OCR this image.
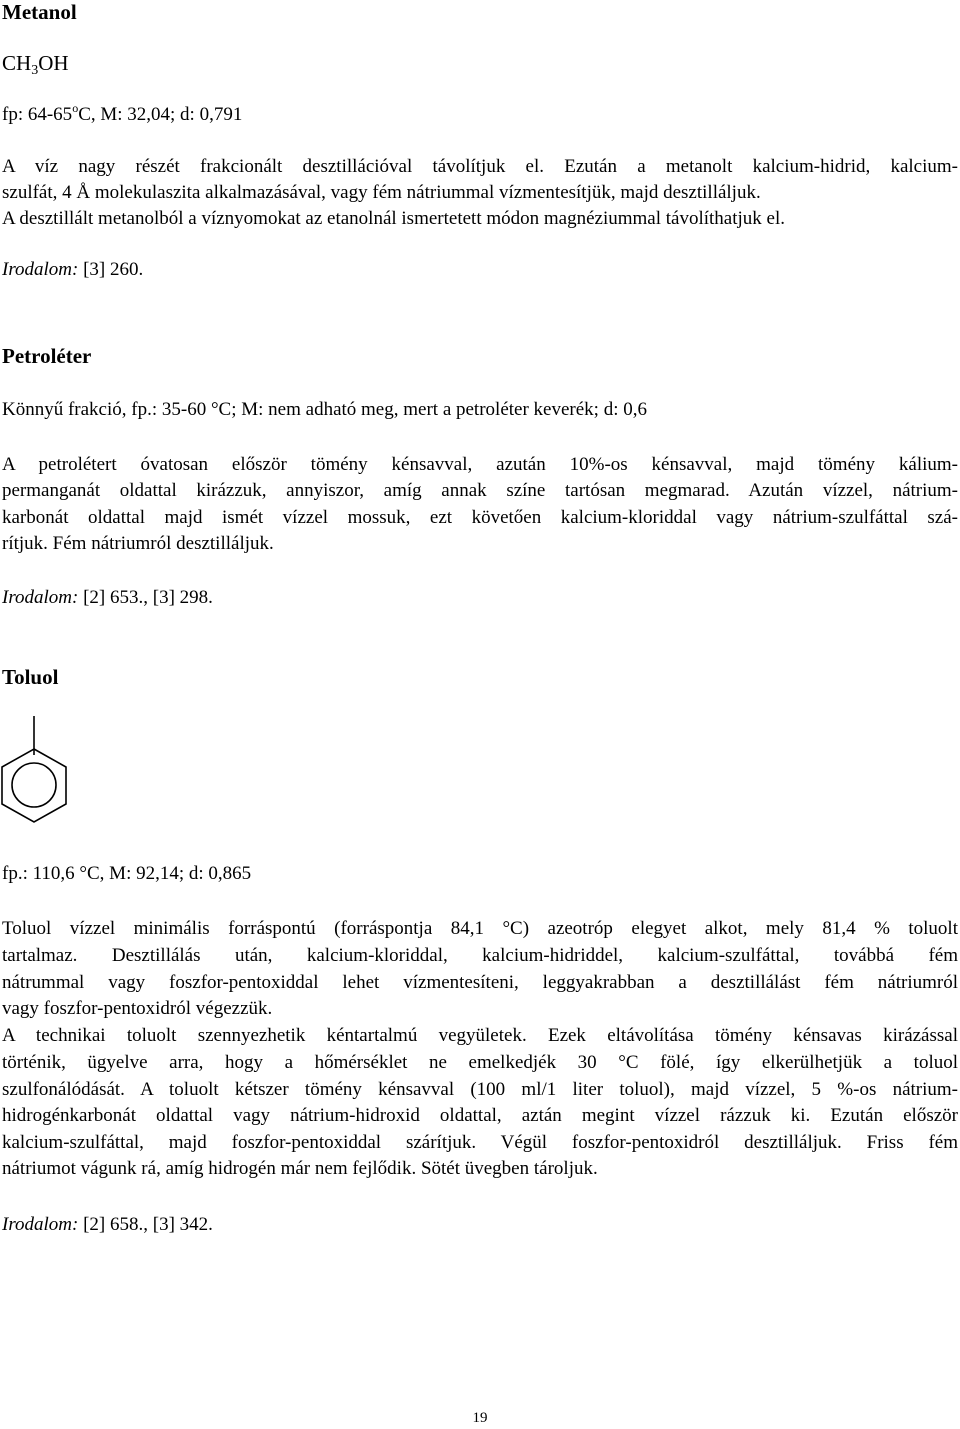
Metanol
CH3OH
fp: 64-65$^o$C, M: 32,04; d: 0,791
A víz nagy részét frakcionált desztillációval távolítjuk el. Ezután a metanolt kalcium-hidrid, kalcium-
szulfát, 4 Å molekulaszita alkalmazásával, vagy fém nátriummal vízmentesítjük, majd desztilláljuk.
A desztillált metanolból a víznyomokat az etanolnál ismertetett módon magnéziummal távolíthatjuk el.
Irodalom: [3] 260.
Petroléter
Könnyű frakció, fp.: 35-60 °C; M: nem adható meg, mert a petroléter keverék; d: 0,6
A petrolétert óvatosan először tömény kénsavval, azután 10%-os kénsavval, majd tömény kálium-
permanganát oldattal kirázzuk, annyiszor, amíg annak színe tartósan megmarad. Azután vízzel, nátrium-
karbonát oldattal majd ismét vízzel mossuk, ezt követően kalcium-kloriddal vagy nátrium-szulfáttal szá-
rítjuk. Fém nátriumról desztilláljuk.
Irodalom: [2] 653., [3] 298.
Toluol
fp.: 110,6 °C, M: 92,14; d: 0,865
Toluol vízzel minimális forráspontú (forráspontja 84,1 °C) azeotróp elegyet alkot, mely 81,4 % toluolt
tartalmaz. Desztillálás után, kalcium-kloriddal, kalcium-hidriddel, kalcium-szulfáttal, továbbá fém
nátrummal vagy foszfor-pentoxiddal lehet vízmentesíteni, leggyakrabban a desztillálást fém nátriumról
vagy foszfor-pentoxidról végezzük.
A technikai toluolt szennyezhetik kéntartalmú vegyületek. Ezek eltávolítása tömény kénsavas kirázással
történik, ügyelve arra, hogy a hőmérséklet ne emelkedjék 30 °C fölé, így elkerülhetjük a toluol
szulfonálódását. A toluolt kétszer tömény kénsavval (100 ml/1 liter toluol), majd vízzel, 5 %-os nátrium-
hidrogénkarbonát oldattal vagy nátrium-hidroxid oldattal, aztán megint vízzel rázzuk ki. Ezután először
kalcium-szulfáttal, majd foszfor-pentoxiddal szárítjuk. Végül foszfor-pentoxidról desztilláljuk. Friss fém
nátriumot vágunk rá, amíg hidrogén már nem fejlődik. Sötét üvegben tároljuk.
Irodalom: [2] 658., [3] 342.
19
